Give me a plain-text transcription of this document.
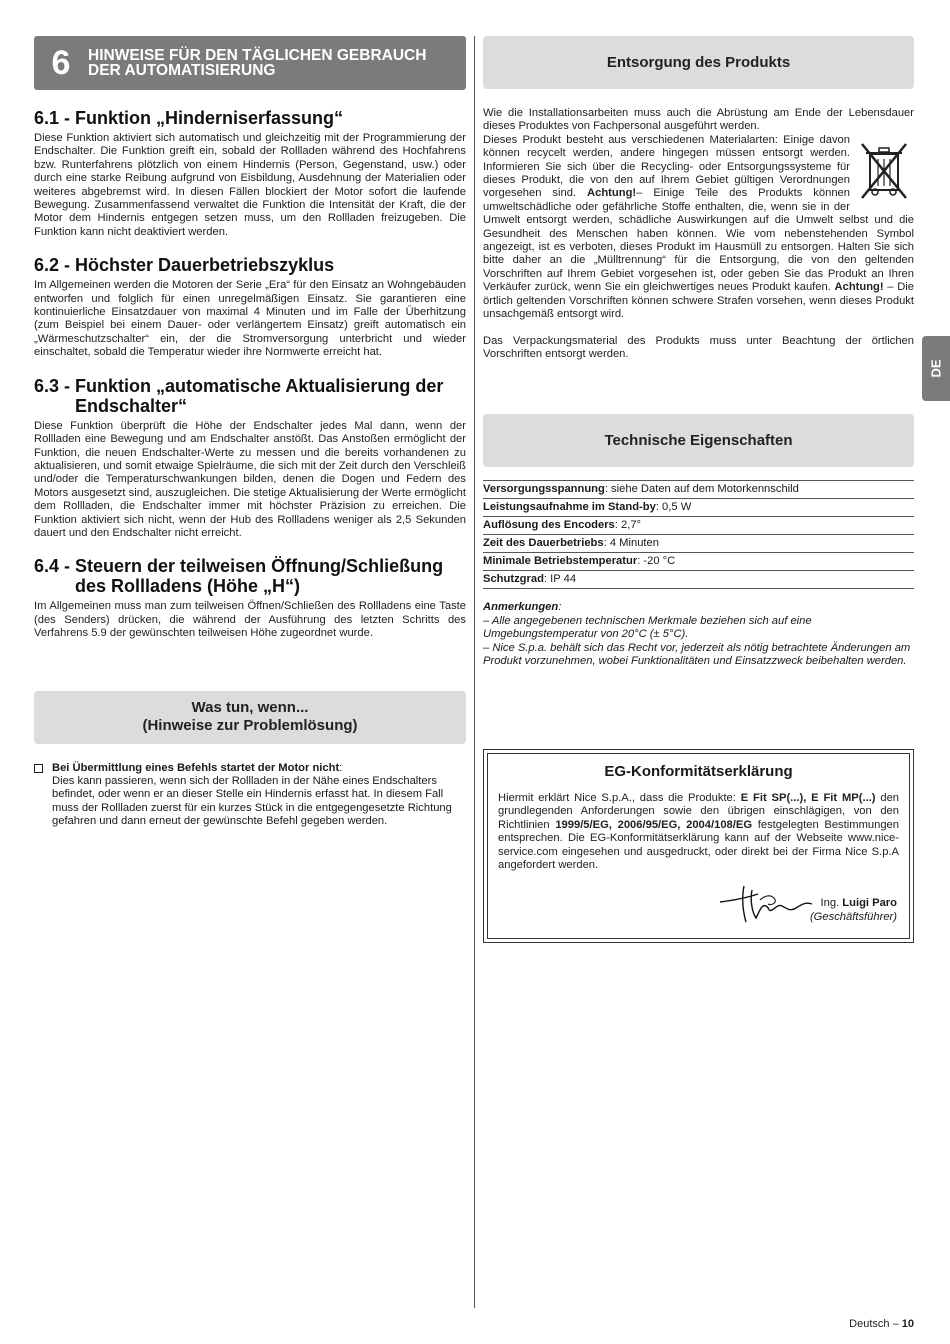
6	HINWEISE FÜR DEN TÄGLICHEN GEBRAUCH
DER AUTOMATISIERUNG
6.1 - Funktion „Hinderniserfassung“

Diese Funktion aktiviert sich automatisch und gleichzeitig mit der Programmierung der Endschalter. Die Funktion greift ein, sobald der Rollladen während des Hochfahrens bzw. Runterfahrens plötzlich von einem Hindernis (Person, Gegenstand, usw.) oder durch eine starke Reibung aufgrund von Eisbildung, Ausdehnung der Materialien oder weiteres abgebremst wird. In diesen Fällen blockiert der Motor sofort die laufende Bewegung. Zusammenfassend verwaltet die Funktion die Intensität der Kraft, die der Motor dem Hindernis entgegen setzen muss, um den Rollladen freizugeben. Die Funktion kann nicht deaktiviert werden.

6.2 - Höchster Dauerbetriebszyklus

Im Allgemeinen werden die Motoren der Serie „Era“ für den Einsatz an Wohngebäuden entworfen und folglich für einen unregelmäßigen Einsatz. Sie garantieren eine kontinuierliche Einsatzdauer von maximal 4 Minuten und im Falle der Überhitzung (zum Beispiel bei einem Dauer- oder verlängertem Einsatz) greift automatisch ein „Wärmeschutzschalter“ ein, der die Stromversorgung unterbricht und wieder einschaltet, sobald die Temperatur wieder ihre Normwerte erreicht hat.

6.3 - Funktion „automatische Aktualisierung der
Endschalter“

Diese Funktion überprüft die Höhe der Endschalter jedes Mal dann, wenn der Rollladen eine Bewegung und am Endschalter anstößt. Das Anstoßen ermöglicht der Funktion, die neuen Endschalter-Werte zu messen und die bereits vorhandenen zu aktualisieren, und somit etwaige Spielräume, die sich mit der Zeit durch den Verschleiß und/oder die Temperaturschwankungen bilden, denen die Dogen und Federn des Motors ausgesetzt sind, auszugleichen. Die stetige Aktualisierung der Werte ermöglicht dem Rollladen, die Endschalter immer mit höchster Präzision zu erreichen. Die Funktion aktiviert sich nicht, wenn der Hub des Rollladens weniger als 2,5 Sekunden dauert und den Endschalter nicht erreicht.

6.4 - Steuern der teilweisen Öffnung/Schließung
des Rollladens (Höhe „H“)

Im Allgemeinen muss man zum teilweisen Öffnen/Schließen des Rollladens eine Taste (des Senders) drücken, die während der Ausführung des letzten Schritts des Verfahrens 5.9 der gewünschten teilweisen Höhe zugeordnet wurde.

Was tun, wenn...
(Hinweise zur Problemlösung)
Bei Übermittlung eines Befehls startet der Motor nicht:
Dies kann passieren, wenn sich der Rollladen in der Nähe eines Endschalters befindet, oder wenn er an dieser Stelle ein Hindernis erfasst hat. In diesem Fall muss der Rollladen zuerst für ein kurzes Stück in die entgegengesetzte Richtung gefahren und dann erneut der gewünschte Befehl gegeben werden.
Entsorgung des Produkts

Wie die Installationsarbeiten muss auch die Abrüstung am Ende der Lebensdauer dieses Produktes von Fachpersonal ausgeführt werden.

Dieses Produkt besteht aus verschiedenen Materialarten: Einige davon können recycelt werden, andere hingegen müssen entsorgt werden. Informieren Sie sich über die Recycling- oder Entsorgungssysteme für dieses Produkt, die von den auf Ihrem Gebiet gültigen Verordnungen vorgesehen sind. Achtung!– Einige Teile des Produkts können umweltschädliche oder gefährliche Stoffe enthalten, die, wenn sie in der Umwelt entsorgt werden, schädliche Auswirkungen auf die Umwelt selbst und die Gesundheit des Menschen haben können. Wie vom nebenstehenden Symbol angezeigt, ist es verboten, dieses Produkt im Hausmüll zu entsorgen. Halten Sie sich bitte daher an die „Mülltrennung“ für die Entsorgung, die von den geltenden Vorschriften auf Ihrem Gebiet vorgesehen ist, oder geben Sie das Produkt an Ihren Verkäufer zurück, wenn Sie ein gleichwertiges neues Produkt kaufen. Achtung! – Die örtlich geltenden Vorschriften können schwere Strafen vorsehen, wenn dieses Produkt unsachgemäß entsorgt wird.

Das Verpackungsmaterial des Produkts muss unter Beachtung der örtlichen Vorschriften entsorgt werden.

Technische Eigenschaften
Versorgungsspannung: siehe Daten auf dem Motorkennschild
Leistungsaufnahme im Stand-by: 0,5 W
Auflösung des Encoders: 2,7°
Zeit des Dauerbetriebs: 4 Minuten
Minimale Betriebstemperatur: -20 °C
Schutzgrad: IP 44
Anmerkungen:
– Alle angegebenen technischen Merkmale beziehen sich auf eine Umgebungstemperatur von 20°C (± 5°C).
– Nice S.p.a. behält sich das Recht vor, jederzeit als nötig betrachtete Änderungen am Produkt vorzunehmen, wobei Funktionalitäten und Einsatzzweck beibehalten werden.
EG-Konformitätserklärung

Hiermit erklärt Nice S.p.A., dass die Produkte: E Fit SP(...), E Fit MP(...) den grundlegenden Anforderungen sowie den übrigen einschlägigen, von den Richtlinien 1999/5/EG, 2006/95/EG, 2004/108/EG festgelegten Bestimmungen entsprechen. Die EG-Konformitätserklärung kann auf der Webseite www.nice-service.com eingesehen und ausgedruckt, oder direkt bei der Firma Nice S.p.A angefordert werden.

Ing. Luigi Paro
(Geschäftsführer)
DE
Deutsch – 10
